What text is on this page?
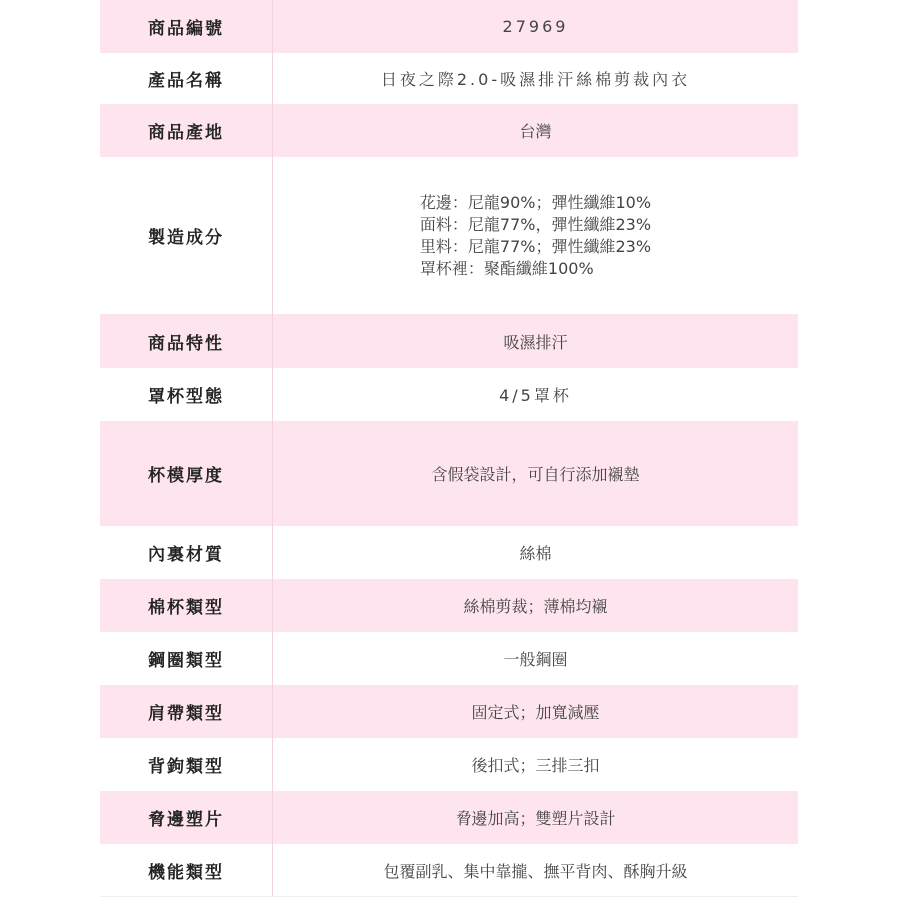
商品編號	27969
產品名稱	日夜之際2.0-吸濕排汗絲棉剪裁內衣
商品產地	台灣
製造成分	花邊：尼龍90%；彈性纖維10%
面料：尼龍77%，彈性纖維23%
里料：尼龍77%；彈性纖維23%
罩杯裡：聚酯纖維100%

商品特性	吸濕排汗
罩杯型態	4/5罩杯
杯模厚度	含假袋設計，可自行添加襯墊
內裏材質	絲棉
棉杯類型	絲棉剪裁；薄棉均襯
鋼圈類型	一般鋼圈
肩帶類型	固定式；加寬減壓
背鉤類型	後扣式；三排三扣
脅邊塑片	脅邊加高；雙塑片設計
機能類型	包覆副乳、集中靠攏、撫平背肉、酥胸升級
